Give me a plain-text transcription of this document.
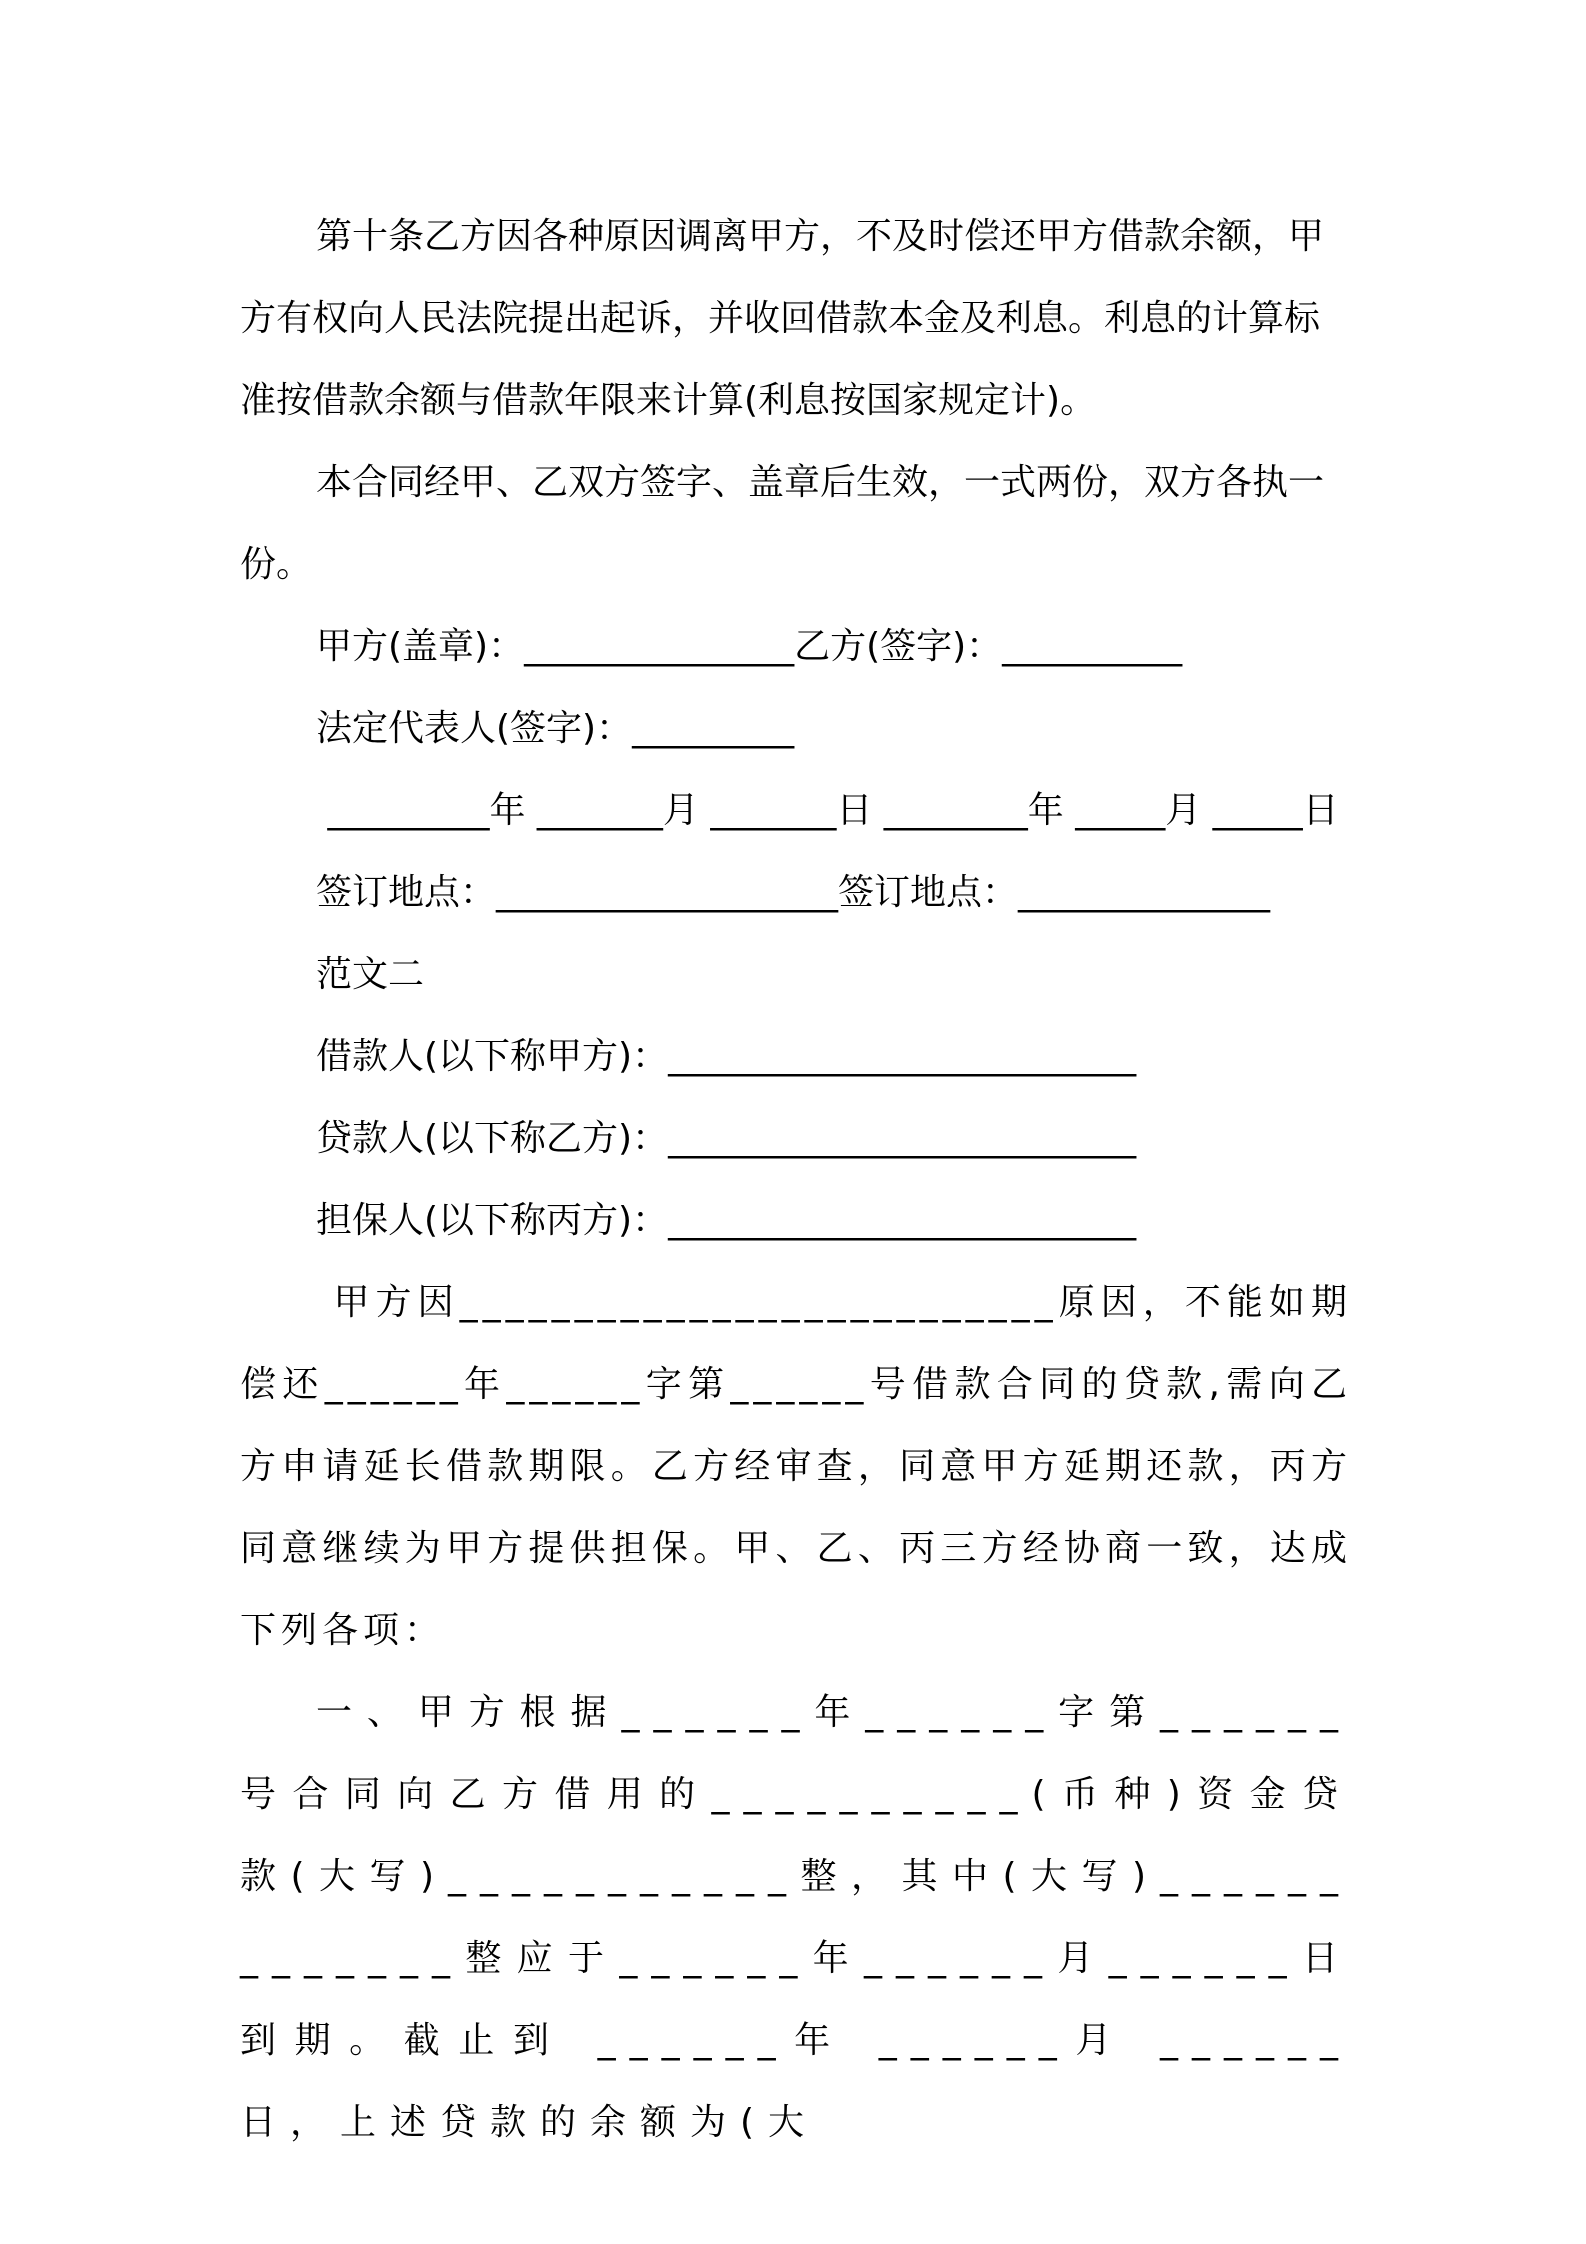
第十条乙方因各种原因调离甲方，不及时偿还甲方借款余额，甲方有权向人民法院提出起诉，并收回借款本金及利息。利息的计算标准按借款余额与借款年限来计算(利息按国家规定计)。

本合同经甲、乙双方签字、盖章后生效，一式两份，双方各执一份。

甲方(盖章)：_______________乙方(签字)：__________

法定代表人(签字)：_________

_________年 _______月 _______日 ________年 _____月 _____日

签订地点：___________________签订地点：______________

范文二

借款人(以下称甲方)：__________________________

贷款人(以下称乙方)：__________________________

担保人(以下称丙方)：__________________________

甲方因__________________________原因，不能如期偿还______年______字第______号借款合同的贷款,需向乙方申请延长借款期限。乙方经审查，同意甲方延期还款，丙方同意继续为甲方提供担保。甲、乙、丙三方经协商一致，达成下列各项：

一、甲方根据______年______字第______号合同向乙方借用的__________(币种)资金贷款(大写)___________整，其中(大写)_____________整应于______年______月______日到期。截止到 ______年 ______月 ______日，上述贷款的余额为(大
